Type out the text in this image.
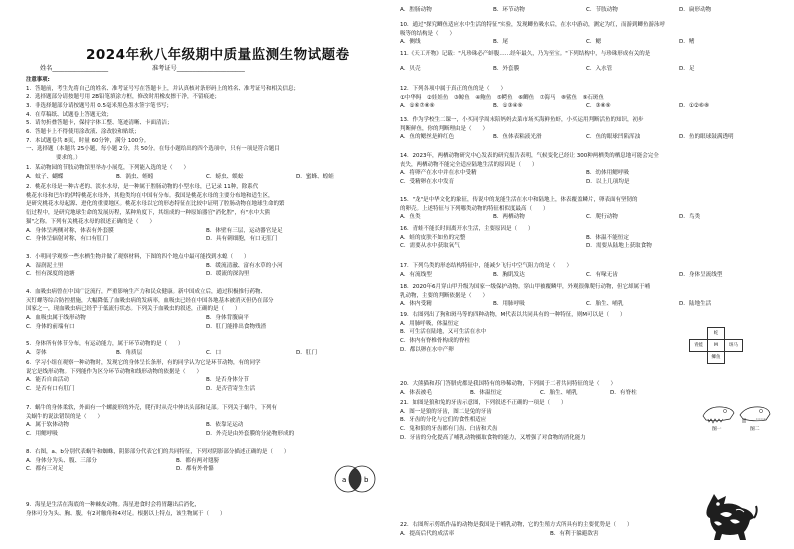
2024年秋八年级期中质量监测生物试题卷
姓名__________________	准考证号______________________
注意事项:
1．答题前，考生先将自己的姓名、准考证号写在答题卡上，并认真核对条形码上的姓名、准考证号和相关信息；
2．选择题部分请按题号用 2B铅笔填涂方框，修改时用橡皮擦干净，不留痕迹；
3．非选择题部分请按题号用 0.5毫米黑色墨水签字笔书写；
4．在草稿纸、试题卷上答题无效；
5．请勿折叠答题卡，保持字体工整、笔迹清晰、卡面清洁；
6．答题卡上不得使用涂改液、涂改胶和贴纸；
7．本试题卷共 8页，时量 60分钟，满分 100分。
一、选择题（本题共 25小题，每小题 2分，共 50分。在每小题给出的四个选项中，只有一项是符合题目
要求的。）
1．某动物园的节肢动物馆里举办小展览，下列能入选的是（　　）
A．蚊子、蝴蝶	B．涡虫、蛭蚓	C．螃虫、蜈蚣	D．蜜蜂、蝗蛙
2．桃花水母是一种古老的、淡水水母，是一种属于腔肠动物的小型水母，已记录 11种，除系代
桃花水母和巴尔的伊特桃花水母外，其他类均在中国有分布。我国是桃花水母的主要分布地和适生区，
是研究桃花水母起源、进化的重要地区。桃花水母以它的形态特征在比较中证明了腔肠动物在地球生命的繁
衍过程中，是研究地球生命的发展历程，某种角度下，其组成的一种原始器官"消化腔"，有"水中大熊
猫"之称。下列有关桃花水母的叙述正确的是（　　）
A．身体呈两侧对称，体表有外套膜	B．体壁有三层，运动器官是足
C．身体呈辐射对称，有口有肛门	D．具有刺细胞，有口无肛门
3．小明同学观察一些水栖生物并做了观察材料，下图的四个地点中最可能找到水螅（　　）
A．湿润泥土里	B．缓流清澈、富有水草的小河
C．恒有深度的池塘	D．缓流的深沟里
4．血吸虫病曾在中国广泛流行，严重影响生产力和民众健康。新中国成立后，通过积极推行药物、
灭钉螺等综合防控措施，大幅降低了血吸虫病的发病率，血吸虫已经在中国各地基本被消灭但仍在部分
国家之一，现血吸虫病已经乎于低流行状态。下列关于血吸虫的叙述，正确的是（　　）
A．血吸虫属于线形动物	B．身体背腹扁平
C．身体的前端有口	D．肛门能排出食物残渣
5．身体所有体节分布，有运动能力，属于环节动物的是（　　）
A．芽体	B．角质层	C．口	D．肛门
6．学习小组在观察一种动物时，发现它的身体呈长条形，有的同学认为它是环节动物，有的同学
说它是线形动物。下列能作为区分环节动物和线形动物的依据是（　　）
A．能否自由活动	B．是否身体分节
C．是否有口有肛门	D．是否营寄生生活
7．蜗牛的身体柔软，外面有一个螺旋形的外壳，爬行时从壳中伸出头部和足部。下列关于蜗牛，下列有
关蜗牛的说法错误的是（　　）
A．属于软体动物	B．依靠足运动
C．用鳃呼吸	D．外壳是由外套膜的分泌物形成的
8．右图，a、b分别代表蜗牛和蜘蛛，阴影部分代表它们的共同特征，下列对阴影部分描述正确的是（　　）
A．身体分为头、腹、三部分	B．都有两对翅膀
C．都有三对足	D．都有外骨骼
a	b
9．海星是生活在海底的一种棘皮动物。海星进食时会将胃翻出后消化，
身体可分为头、胸、腹，有2对触角和4对足。根据以上特点，该生物属于（　　）
A．腔肠动物	B．环节动物	C．节肢动物	D．扁形动物
10．通过"探究鲫鱼适应水中生活的特征"实验，发现鲫鱼吸水后，在水中游动，测定为红，而游到鲫鱼游泳呼
吸等的结构是（　　）
A．侧线	B．尾	C．鳃	D．鳍
11.《天工开物》记载："凡珍珠必产蚌腹……经年最久，乃为至宝。"下列结构中，与珍珠形成有关的是
A．贝壳	B．外套膜	C．入水管	D．足
12．下列各项中属于真正的鱼的是（　　）
①中华鲟　②娃娃鱼　③鲸鱼　④鲍鱼　⑤鳄鱼　⑥鲫鱼　⑦海马　⑧鲨鱼　⑨石斑鱼
A．①⑥⑦⑧⑨	B．①③④⑨	C．③⑧⑨	D．①②⑥⑧
13．作为学校生二课一，小买同学周末陪妈妈去菜市场买海鲜鱼虾，小买运用判断活鱼的知识，初步
判断鲜鱼，你的判断理由是（　　）
A．鱼的鳃丝是鲜红色	B．鱼体表粘液光滑	C．鱼的眼球凹陷浑浊	D．鱼的眼球鼓满透明
14．2023年，两栖动物研究中心发表的研究报告表明，气候变化已经让 300种两栖类的栖息地可能会完全
丧失，两栖动物不能完全适应陆地生活的原因是（　　）
A．将卵产在水中并在水中受精	B．幼体用鳃呼吸
C．受精卵在水中发育	D．以上几项均是
15．"龙"是中华文化的象征，传说中的龙能生活在水中和陆地上，体表覆盖鳞片，卵表面有坚韧的
的卵壳。上述特征与下列哪类动物的特征相似度最高（　　）
A．鱼类	B．两栖动物	C．爬行动物	D．鸟类
16．青蛙不能长时间离开水生活，主要原因是（　　）
A．蛙的皮肤不如鱼的完整	B．体温不能恒定
C．需要从水中获取氧气	D．需要从陆地上获取食物
17．下列鸟类的形态结构特征中，能减少飞行中空气阻力的是（　　）
A．有流线型	B．胸肌发达	C．有喙无齿	D．身体呈流线型
18．2020年6月穿山甲升级为国家一级保护动物。穿山甲被覆鳞甲，外观很像爬行动物，但它却属于哺
乳动物，主要的判断依据是（　　）
A．体内受精	B．用肺呼吸	C．胎生、哺乳	D．陆地生活
19．右图列出了狗和斑马等的四种动物，M代表以共同具有的一种特征，则M可以是（　　）
A．用肺呼吸，体温恒定
B．可生活在陆地，又可生活在水中
C．体内有脊椎骨构成的脊柱
D．都以卵在水中产卵
蛇
青蛙	M	斑马
鲫鱼
20．大熊猫和苏门答腊虎都是我国特有的珍稀动物，下列属于二者共同特征的是（　　）
A．体表被毛	B．体温恒定	C．胎生、哺乳	D．有脊柱
21．如图是狼和兔的牙齿示意图，下列叙述不正确的一项是（　　）
A．图一是狼的牙齿，图二是兔的牙齿
B．牙齿的分化与它们的食性相适应
C．兔和狼的牙齿都有门齿、臼齿和犬齿
D．牙齿的分化提高了哺乳动物摄取食物的能力，又增强了对食物的消化能力
图一	图二
22．右图所示剪纸作品的动物是我国是于哺乳动物，它的生殖方式所具有的主要优势是（　　）
A．提高后代的成活率	B．有利于躲避敌害
